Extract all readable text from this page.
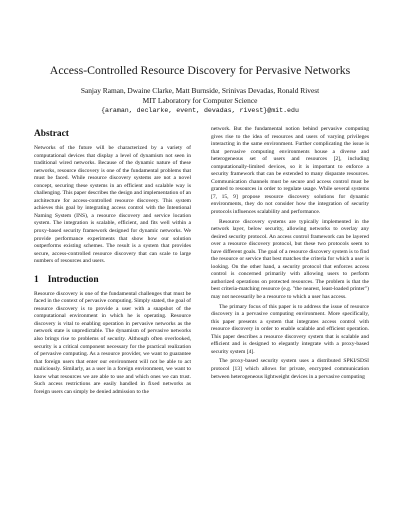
Access-Controlled Resource Discovery for Pervasive Networks
Sanjay Raman, Dwaine Clarke, Matt Burnside, Srinivas Devadas, Ronald Rivest
MIT Laboratory for Computer Science
{araman, declarke, event, devadas, rivest}@mit.edu
Abstract

Networks of the future will be characterized by a variety of computational devices that display a level of dynamism not seen in traditional wired networks. Because of the dynamic nature of these networks, resource discovery is one of the fundamental problems that must be faced. While resource discovery systems are not a novel concept, securing these systems in an efficient and scalable way is challenging. This paper describes the design and implementation of an architecture for access-controlled resource discovery. This system achieves this goal by integrating access control with the Intentional Naming System (INS), a resource discovery and service location system. The integration is scalable, efficient, and fits well within a proxy-based security framework designed for dynamic networks. We provide performance experiments that show how our solution outperforms existing schemes. The result is a system that provides secure, access-controlled resource discovery that can scale to large numbers of resources and users.

1 Introduction

Resource discovery is one of the fundamental challenges that must be faced in the context of pervasive computing. Simply stated, the goal of resource discovery is to provide a user with a snapshot of the computational environment in which he is operating. Resource discovery is vital to enabling operation in pervasive networks as the network state is unpredictable. The dynamism of pervasive networks also brings rise to problems of security. Although often overlooked, security is a critical component necessary for the practical realization of pervasive computing. As a resource provider, we want to guarantee that foreign users that enter our environment will not be able to act maliciously. Similarly, as a user in a foreign environment, we want to know what resources we are able to use and which ones we can trust. Such access restrictions are easily handled in fixed networks as foreign users can simply be denied admission to the

network. But the fundamental notion behind pervasive computing gives rise to the idea of resources and users of varying privileges interacting in the same environment. Further complicating the issue is that pervasive computing environments house a diverse and heterogeneous set of users and resources [2], including computationally-limited devices, so it is important to enforce a security framework that can be extended to many disparate resources. Communication channels must be secure and access control must be granted to resources in order to regulate usage. While several systems [7, 15, 9] propose resource discovery solutions for dynamic environments, they do not consider how the integration of security protocols influences scalability and performance.

Resource discovery systems are typically implemented in the network layer, below security, allowing networks to overlay any desired security protocol. An access control framework can be layered over a resource discovery protocol, but these two protocols seem to have different goals. The goal of a resource discovery system is to find the resource or service that best matches the criteria for which a user is looking. On the other hand, a security protocol that enforces access control is concerned primarily with allowing users to perform authorized operations on protected resources. The problem is that the best criteria-matching resource (e.g. "the nearest, least-loaded printer") may not necessarily be a resource to which a user has access.

The primary focus of this paper is to address the issue of resource discovery in a pervasive computing environment. More specifically, this paper presents a system that integrates access control with resource discovery in order to enable scalable and efficient operation. This paper describes a resource discovery system that is scalable and efficient and is designed to elegantly integrate with a proxy-based security system [4].

The proxy-based security system uses a distributed SPKI/SDSI protocol [13] which allows for private, encrypted communication between heterogeneous lightweight devices in a pervasive computing
